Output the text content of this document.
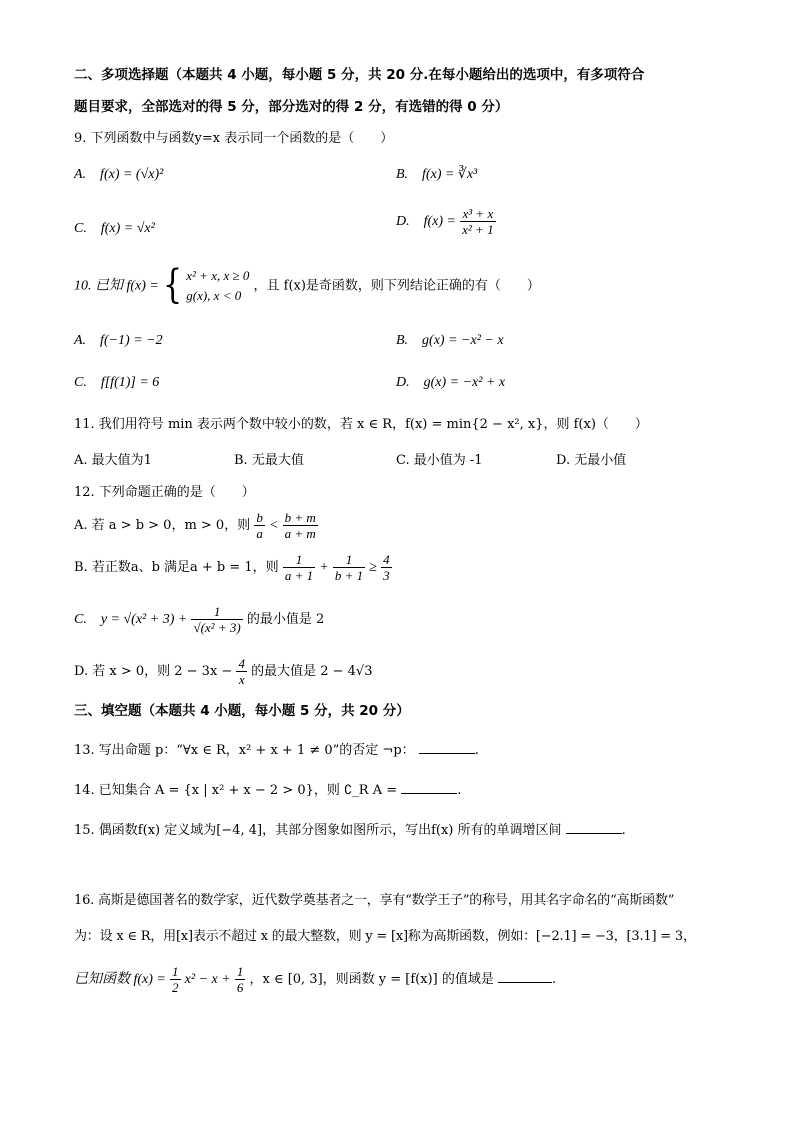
二、多项选择题（本题共 4 小题，每小题 5 分，共 20 分.在每小题给出的选项中，有多项符合
题目要求，全部选对的得 5 分，部分选对的得 2 分，有选错的得 0 分）
9. 下列函数中与函数y=x 表示同一个函数的是（　　）
A.　f(x) = (√x)²	B.　f(x) = ∛x³
C.　f(x) = √x²	D.　$f(x) = \frac{\text{x³ + x}}{\text{x² + 1}}$
10. 已知 f(x) = { x² + x, x ≥ 0
g(x), x < 0
，且 f(x)是奇函数，则下列结论正确的有（　　）
A.　f(−1) = −2	B.　g(x) = −x² − x
C.　f[f(1)] = 6	D.　g(x) = −x² + x
11. 我们用符号 min 表示两个数中较小的数，若 x ∈ R，f(x) = min{2 − x², x}，则 f(x)（　　）
A. 最大值为1	B. 无最大值	C. 最小值为 -1	D. 无最小值
12. 下列命题正确的是（　　）
A. 若 a > b > 0，m > 0，则 $\frac{b}{a} < \frac{b + m}{a + m}$
B. 若正数a、b 满足a + b = 1，则 $\frac{1}{a + 1} + \frac{1}{b + 1} \ge \frac{4}{3}$
C.　$y = √(x^2 + 3) + \frac{1}{\text{√(x² + 3)}}$ 的最小值是 2
D. 若 x > 0，则 $2 - 3x - \frac{4}{x}$ 的最大值是 2 − 4√3
三、填空题（本题共 4 小题，每小题 5 分，共 20 分）
13. 写出命题 p：“∀x ∈ R，x² + x + 1 ≠ 0”的否定 ¬p：	.
14. 已知集合 A = {x | x² + x − 2 > 0}，则 ∁_R A =	.
15. 偶函数f(x) 定义域为[−4, 4]，其部分图象如图所示，写出f(x) 所有的单调增区间	.
16. 高斯是德国著名的数学家，近代数学奠基者之一，享有“数学王子”的称号，用其名字命名的“高斯函数”
为：设 x ∈ R，用[x]表示不超过 x 的最大整数，则 y = [x]称为高斯函数，例如：[−2.1] = −3，[3.1] = 3，
已知函数 $f(x) = \frac{1}{2} x^2 - x + \frac{1}{6}$ ，x ∈ [0, 3]，则函数 y = [f(x)] 的值域是	.
